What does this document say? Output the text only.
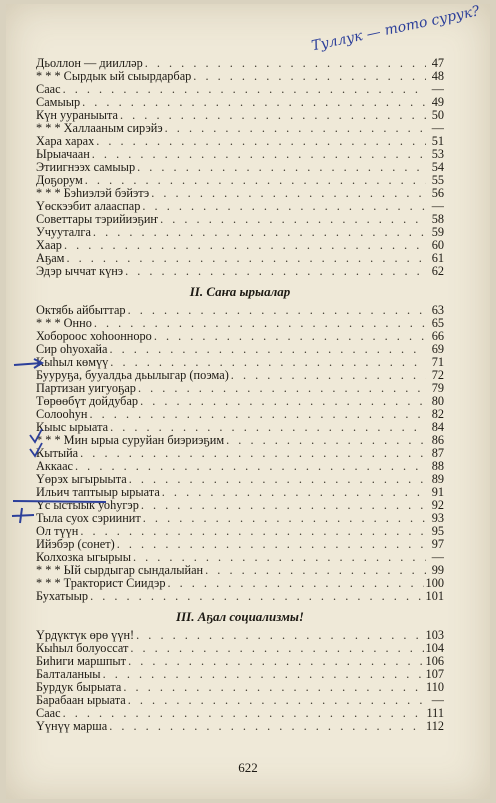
Туллук — тото сурук?
Дьоллон — диилләр . . .	47
* * * Сырдык ый сыырдарбар . . .	48
Саас . . .	—
Самыыр . . .	49
Күн уураныыта . . .	50
* * * Халлааным сирэйэ . . .	—
Хара харах . . .	51
Ырыачаан . . .	53
Этиигнээх самыыр . . .	54
Доҕорум . . .	55
* * * Бэһиэлэй бэйэтэ . . .	56
Үөскээбит алааспар . . .	—
Советтары тэрийиэҕиҥ . . .	58
Учууталга . . .	59
Хаар . . .	60
Аҕам . . .	61
Эдэр ыччат күнэ . . .	62
II. Саҥа ырыалар
Октябь айбыттар . . .	63
* * * Онно . . .	65
Хобороос хоһоонноро . . .	66
Сир оһуохайа . . .	69
Кыһыл көмүү . . .	71
Бууруҕа, бууалдьа дьылыгар (поэма) . . .	72
Партизан уигуоҕар . . .	79
Төрөөбүт дойдубар . . .	80
Солооһун . . .	82
Кыыс ырыата . . .	84
* * * Мин ырыа суруйан биэриэҕим . . .	86
Кытыйа . . .	87
Аккаас . . .	88
Үөрэх ыгырыыта . . .	89
Ильич таптыыр ырыата . . .	91
Үс ыстыык уоһугэр . . .	92
Тыла суох сэриинит . . .	93
Ол түүн . . .	95
Ийэбэр (сонет) . . .	97
Колхозка ыгырыы . . .	—
* * * Ый сырдыгар сындалыйан . . .	99
* * * Тракторист Сиидэр . . .	100
Бухатыыр . . .	101
III. Аҕал социализмы!
Үрдүктүк өрө үүн! . . .	103
Кыһыл болуоссат . . .	104
Биһиги маршпыт . . .	106
Балталаныы . . .	107
Бурдук бырыата . . .	110
Барабаан ырыата . . .	—
Саас . . .	111
Үүнүү марша . . .	112
622
